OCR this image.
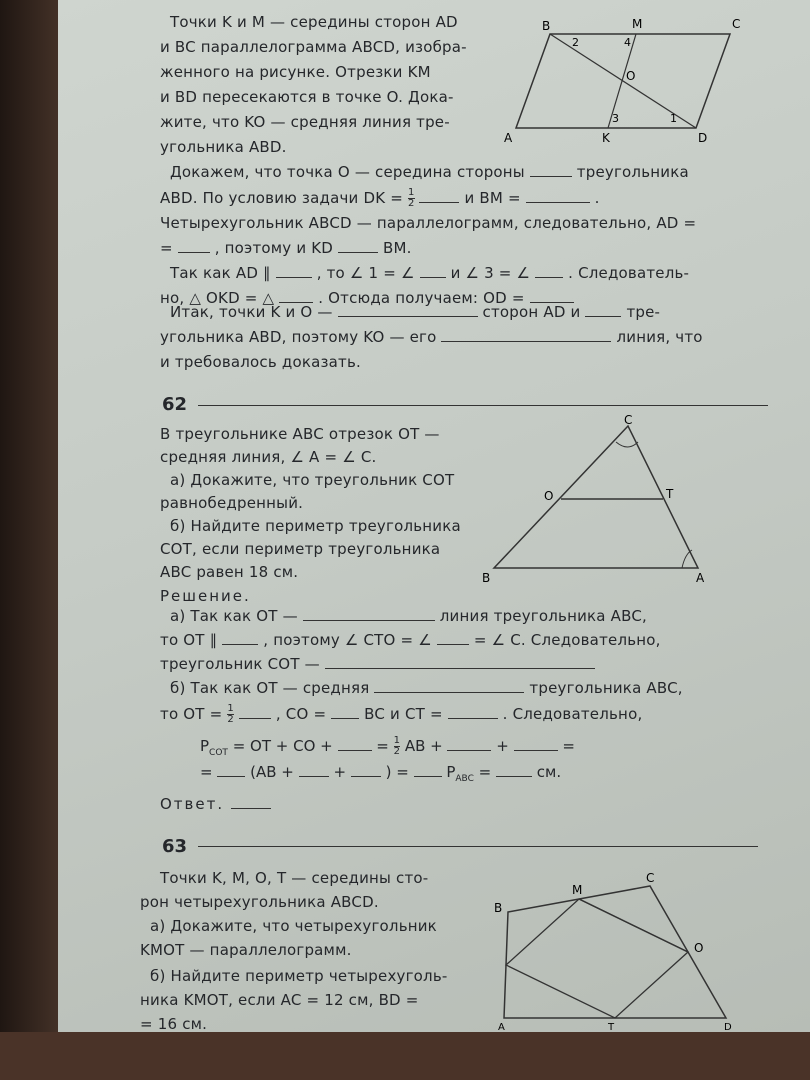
Точки K и M — середины сторон AD
и BC параллелограмма ABCD, изобра-
женного на рисунке. Отрезки KM
и BD пересекаются в точке O. Дока-
жите, что KO — средняя линия тре-
угольника ABD.
B	M	C
A	K	D
O
2	4
3	1
Докажем, что точка O — середина стороны	треугольника
ABD. По условию задачи DK = $\frac{1}{2}$	и BM =	.
Четырехугольник ABCD — параллелограмм, следовательно, AD =
=	, поэтому и KD	BM.
Так как AD ∥	, то ∠ 1 = ∠ и ∠ 3 = ∠	. Следователь-
но, △ OKD = △	. Отсюда получаем: OD =
Итак, точки K и O —	сторон AD и	тре-
угольника ABD, поэтому KO — его	линия, что
и требовалось доказать.
62
В треугольнике ABC отрезок OT —
средняя линия, ∠ A = ∠ C.
а) Докажите, что треугольник COT
равнобедренный.
б) Найдите периметр треугольника
COT, если периметр треугольника
ABC равен 18 см.
C
O	T
B	A
Решение.
а) Так как OT —	линия треугольника ABC,
то OT ∥	, поэтому ∠ CTO = ∠	= ∠ C. Следовательно,
треугольник COT —
б) Так как OT — средняя	треугольника ABC,
то OT = $\frac{1}{2}$	, CO =	BC и CT =	. Следовательно,
$P_{COT}$ = OT + CO +	= $\frac{1}{2}$ AB +	+	=
=  (AB +	+	) =	$P_{ABC}$ =	см.
Ответ.
63
Точки K, M, O, T — середины сто-
рон четырехугольника ABCD.
а) Докажите, что четырехугольник
KMOT — параллелограмм.
б) Найдите периметр четырехуголь-
ника KMOT, если AC = 12 см, BD =
= 16 см.
B
M
C
O
A	T	D
